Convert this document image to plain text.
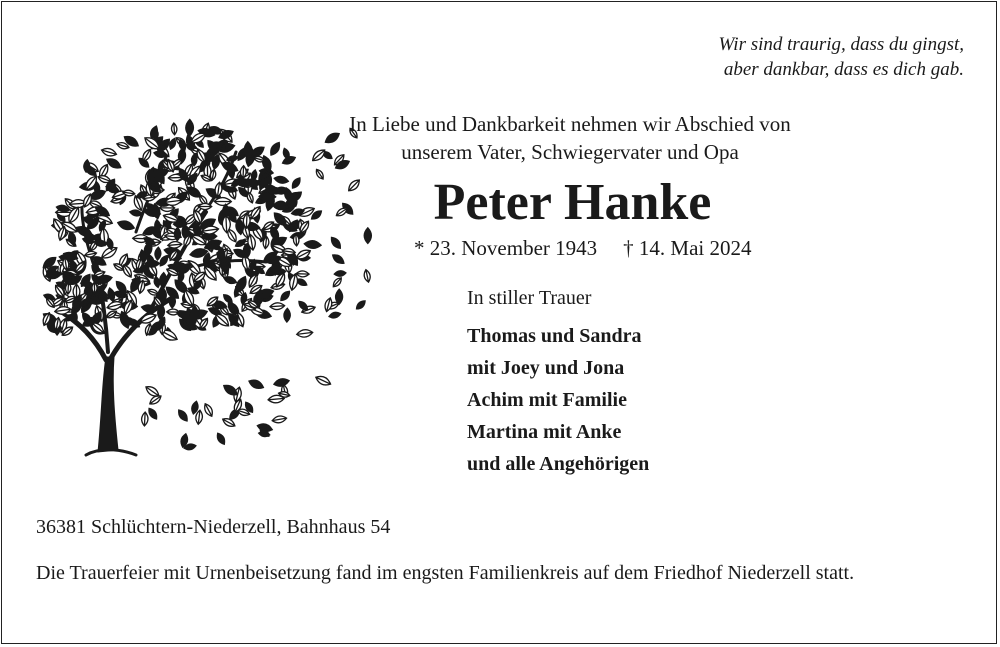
Wir sind traurig, dass du gingst,
aber dankbar, dass es dich gab.
In Liebe und Dankbarkeit nehmen wir Abschied von
unserem Vater, Schwiegervater und Opa
Peter Hanke
* 23. November 1943 † 14. Mai 2024
In stiller Trauer
Thomas und Sandra
mit Joey und Jona
Achim mit Familie
Martina mit Anke
und alle Angehörigen
36381 Schlüchtern-Niederzell, Bahnhaus 54
Die Trauerfeier mit Urnenbeisetzung fand im engsten Familienkreis auf dem Friedhof Niederzell statt.
